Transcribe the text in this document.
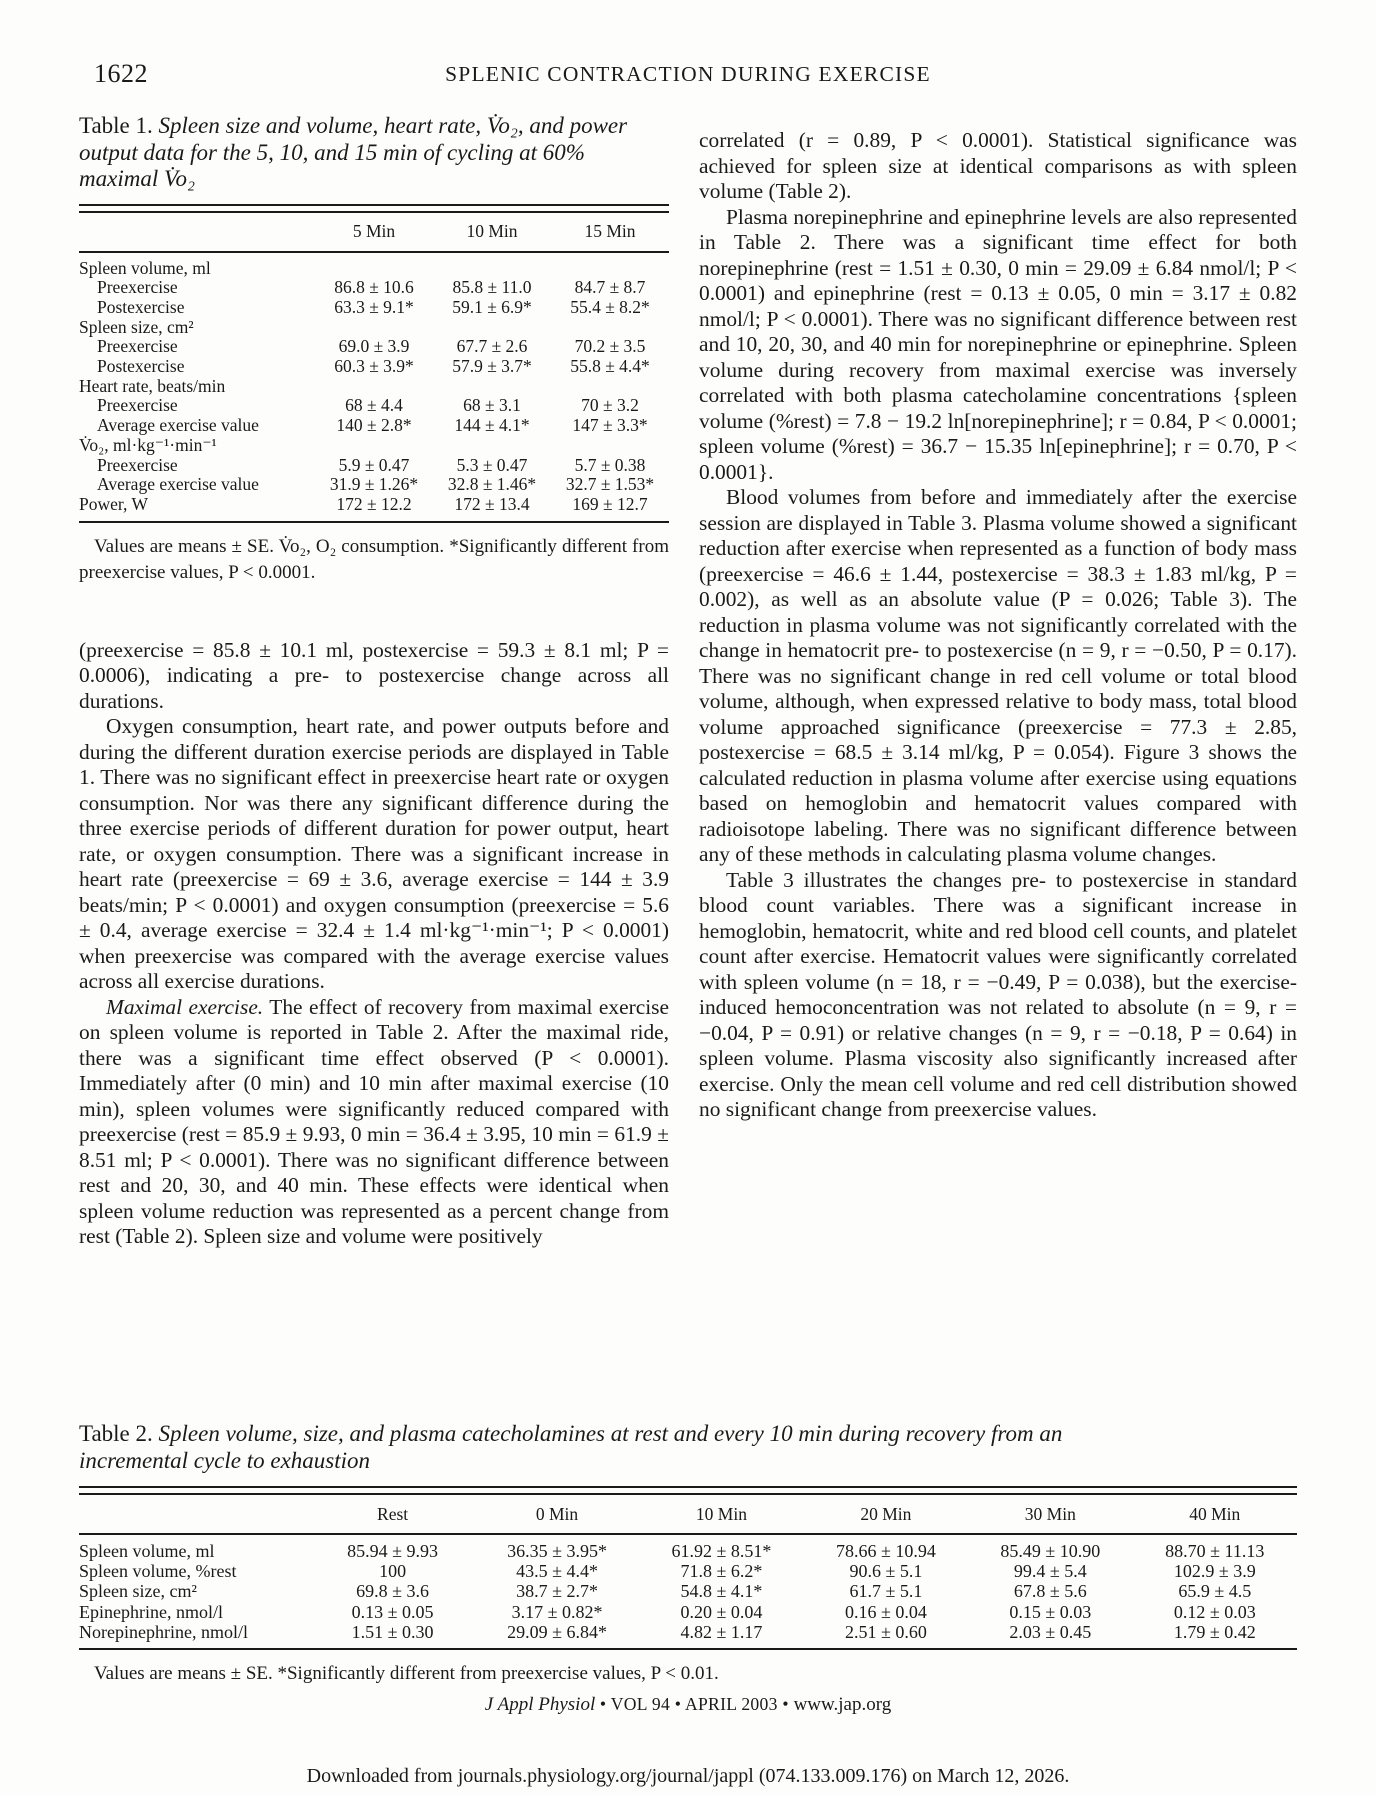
1622	SPLENIC CONTRACTION DURING EXERCISE

Table 1. Spleen size and volume, heart rate, V̇o₂, and power output data for the 5, 10, and 15 min of cycling at 60% maximal V̇o₂

	5 Min	10 Min	15 Min
Spleen volume, ml			
Preexercise	86.8 ± 10.6	85.8 ± 11.0	84.7 ± 8.7
Postexercise	63.3 ± 9.1*	59.1 ± 6.9*	55.4 ± 8.2*
Spleen size, cm²			
Preexercise	69.0 ± 3.9	67.7 ± 2.6	70.2 ± 3.5
Postexercise	60.3 ± 3.9*	57.9 ± 3.7*	55.8 ± 4.4*
Heart rate, beats/min			
Preexercise	68 ± 4.4	68 ± 3.1	70 ± 3.2
Average exercise value	140 ± 2.8*	144 ± 4.1*	147 ± 3.3*
V̇o₂, ml·kg⁻¹·min⁻¹			
Preexercise	5.9 ± 0.47	5.3 ± 0.47	5.7 ± 0.38
Average exercise value	31.9 ± 1.26*	32.8 ± 1.46*	32.7 ± 1.53*
Power, W	172 ± 12.2	172 ± 13.4	169 ± 12.7

Values are means ± SE. V̇o₂, O₂ consumption. *Significantly different from preexercise values, P < 0.0001.

(preexercise = 85.8 ± 10.1 ml, postexercise = 59.3 ± 8.1 ml; P = 0.0006), indicating a pre- to postexercise change across all durations.

Oxygen consumption, heart rate, and power outputs before and during the different duration exercise periods are displayed in Table 1. There was no significant effect in preexercise heart rate or oxygen consumption. Nor was there any significant difference during the three exercise periods of different duration for power output, heart rate, or oxygen consumption. There was a significant increase in heart rate (preexercise = 69 ± 3.6, average exercise = 144 ± 3.9 beats/min; P < 0.0001) and oxygen consumption (preexercise = 5.6 ± 0.4, average exercise = 32.4 ± 1.4 ml·kg⁻¹·min⁻¹; P < 0.0001) when preexercise was compared with the average exercise values across all exercise durations.

Maximal exercise. The effect of recovery from maximal exercise on spleen volume is reported in Table 2. After the maximal ride, there was a significant time effect observed (P < 0.0001). Immediately after (0 min) and 10 min after maximal exercise (10 min), spleen volumes were significantly reduced compared with preexercise (rest = 85.9 ± 9.93, 0 min = 36.4 ± 3.95, 10 min = 61.9 ± 8.51 ml; P < 0.0001). There was no significant difference between rest and 20, 30, and 40 min. These effects were identical when spleen volume reduction was represented as a percent change from rest (Table 2). Spleen size and volume were positively

correlated (r = 0.89, P < 0.0001). Statistical significance was achieved for spleen size at identical comparisons as with spleen volume (Table 2).

Plasma norepinephrine and epinephrine levels are also represented in Table 2. There was a significant time effect for both norepinephrine (rest = 1.51 ± 0.30, 0 min = 29.09 ± 6.84 nmol/l; P < 0.0001) and epinephrine (rest = 0.13 ± 0.05, 0 min = 3.17 ± 0.82 nmol/l; P < 0.0001). There was no significant difference between rest and 10, 20, 30, and 40 min for norepinephrine or epinephrine. Spleen volume during recovery from maximal exercise was inversely correlated with both plasma catecholamine concentrations {spleen volume (%rest) = 7.8 − 19.2 ln[norepinephrine]; r = 0.84, P < 0.0001; spleen volume (%rest) = 36.7 − 15.35 ln[epinephrine]; r = 0.70, P < 0.0001}.

Blood volumes from before and immediately after the exercise session are displayed in Table 3. Plasma volume showed a significant reduction after exercise when represented as a function of body mass (preexercise = 46.6 ± 1.44, postexercise = 38.3 ± 1.83 ml/kg, P = 0.002), as well as an absolute value (P = 0.026; Table 3). The reduction in plasma volume was not significantly correlated with the change in hematocrit pre- to postexercise (n = 9, r = −0.50, P = 0.17). There was no significant change in red cell volume or total blood volume, although, when expressed relative to body mass, total blood volume approached significance (preexercise = 77.3 ± 2.85, postexercise = 68.5 ± 3.14 ml/kg, P = 0.054). Figure 3 shows the calculated reduction in plasma volume after exercise using equations based on hemoglobin and hematocrit values compared with radioisotope labeling. There was no significant difference between any of these methods in calculating plasma volume changes.

Table 3 illustrates the changes pre- to postexercise in standard blood count variables. There was a significant increase in hemoglobin, hematocrit, white and red blood cell counts, and platelet count after exercise. Hematocrit values were significantly correlated with spleen volume (n = 18, r = −0.49, P = 0.038), but the exercise-induced hemoconcentration was not related to absolute (n = 9, r = −0.04, P = 0.91) or relative changes (n = 9, r = −0.18, P = 0.64) in spleen volume. Plasma viscosity also significantly increased after exercise. Only the mean cell volume and red cell distribution showed no significant change from preexercise values.

Table 2. Spleen volume, size, and plasma catecholamines at rest and every 10 min during recovery from an incremental cycle to exhaustion

	Rest	0 Min	10 Min	20 Min	30 Min	40 Min
Spleen volume, ml	85.94 ± 9.93	36.35 ± 3.95*	61.92 ± 8.51*	78.66 ± 10.94	85.49 ± 10.90	88.70 ± 11.13
Spleen volume, %rest	100	43.5 ± 4.4*	71.8 ± 6.2*	90.6 ± 5.1	99.4 ± 5.4	102.9 ± 3.9
Spleen size, cm²	69.8 ± 3.6	38.7 ± 2.7*	54.8 ± 4.1*	61.7 ± 5.1	67.8 ± 5.6	65.9 ± 4.5
Epinephrine, nmol/l	0.13 ± 0.05	3.17 ± 0.82*	0.20 ± 0.04	0.16 ± 0.04	0.15 ± 0.03	0.12 ± 0.03
Norepinephrine, nmol/l	1.51 ± 0.30	29.09 ± 6.84*	4.82 ± 1.17	2.51 ± 0.60	2.03 ± 0.45	1.79 ± 0.42

Values are means ± SE. *Significantly different from preexercise values, P < 0.01.

J Appl Physiol • VOL 94 • APRIL 2003 • www.jap.org
Downloaded from journals.physiology.org/journal/jappl (074.133.009.176) on March 12, 2026.
